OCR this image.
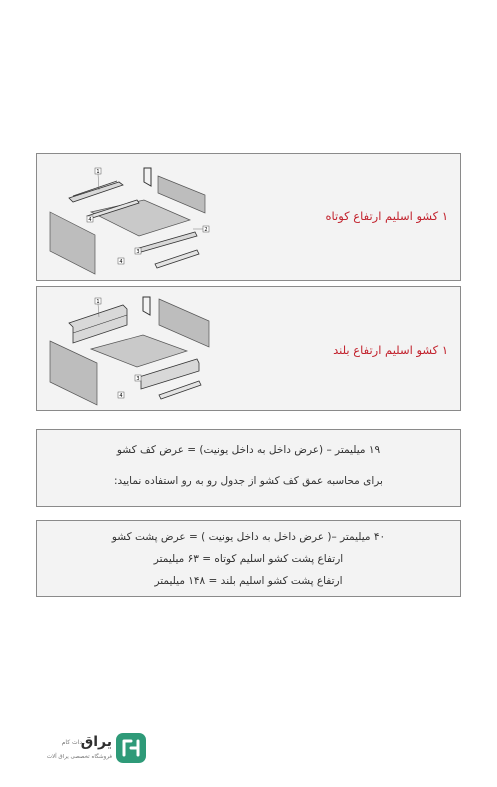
1
4
2
3
4
۱ کشو اسلیم ارتفاع کوتاه
1
3
4
۱ کشو اسلیم ارتفاع بلند
۱۹ میلیمتر – (عرض داخل به داخل یونیت) = عرض کف کشو
برای محاسبه عمق کف کشو از جدول رو به رو استفاده نمایید:
۴۰ میلیمتر –( عرض داخل به داخل یونیت ) = عرض پشت کشو
ارتفاع پشت کشو اسلیم کوتاه = ۶۳ میلیمتر
ارتفاع پشت کشو اسلیم بلند = ۱۴۸ میلیمتر
یراق
دات کام
فروشگاه تخصصی یراق آلات
